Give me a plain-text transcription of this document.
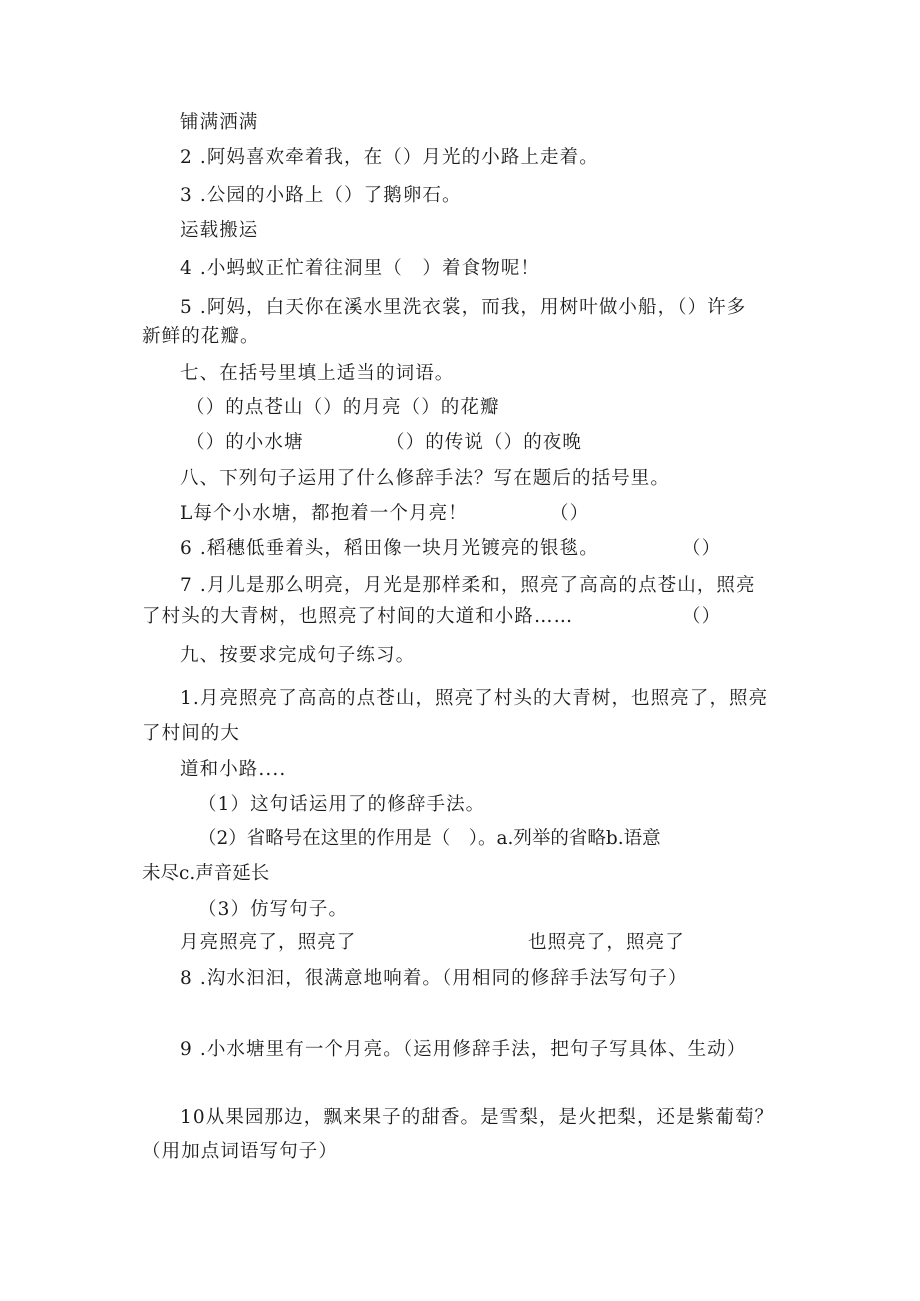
铺满洒满
2 .阿妈喜欢牵着我，在（）月光的小路上走着。
3 .公园的小路上（）了鹅卵石。
运载搬运
4 .小蚂蚁正忙着往洞里（　）着食物呢！
5 .阿妈，白天你在溪水里洗衣裳，而我，用树叶做小船，（）许多
新鲜的花瓣。
七、在括号里填上适当的词语。
（）的点苍山（）的月亮（）的花瓣
（）的小水塘	（）的传说（）的夜晚
八、下列句子运用了什么修辞手法？写在题后的括号里。
L每个小水塘，都抱着一个月亮！	（）
6 .稻穗低垂着头，稻田像一块月光镀亮的银毯。	（）
7 .月儿是那么明亮，月光是那样柔和，照亮了高高的点苍山，照亮
了村头的大青树，也照亮了村间的大道和小路……	（）
九、按要求完成句子练习。
1.月亮照亮了高高的点苍山，照亮了村头的大青树，也照亮了，照亮
了村间的大
道和小路....
（1）这句话运用了的修辞手法。
（2）省略号在这里的作用是（　）。a.列举的省略b.语意
未尽c.声音延长
（3）仿写句子。
月亮照亮了，照亮了	也照亮了，照亮了
8 .沟水汩汩，很满意地响着。（用相同的修辞手法写句子）
9 .小水塘里有一个月亮。（运用修辞手法，把句子写具体、生动）
10从果园那边，飘来果子的甜香。是雪梨，是火把梨，还是紫葡萄？
（用加点词语写句子）
